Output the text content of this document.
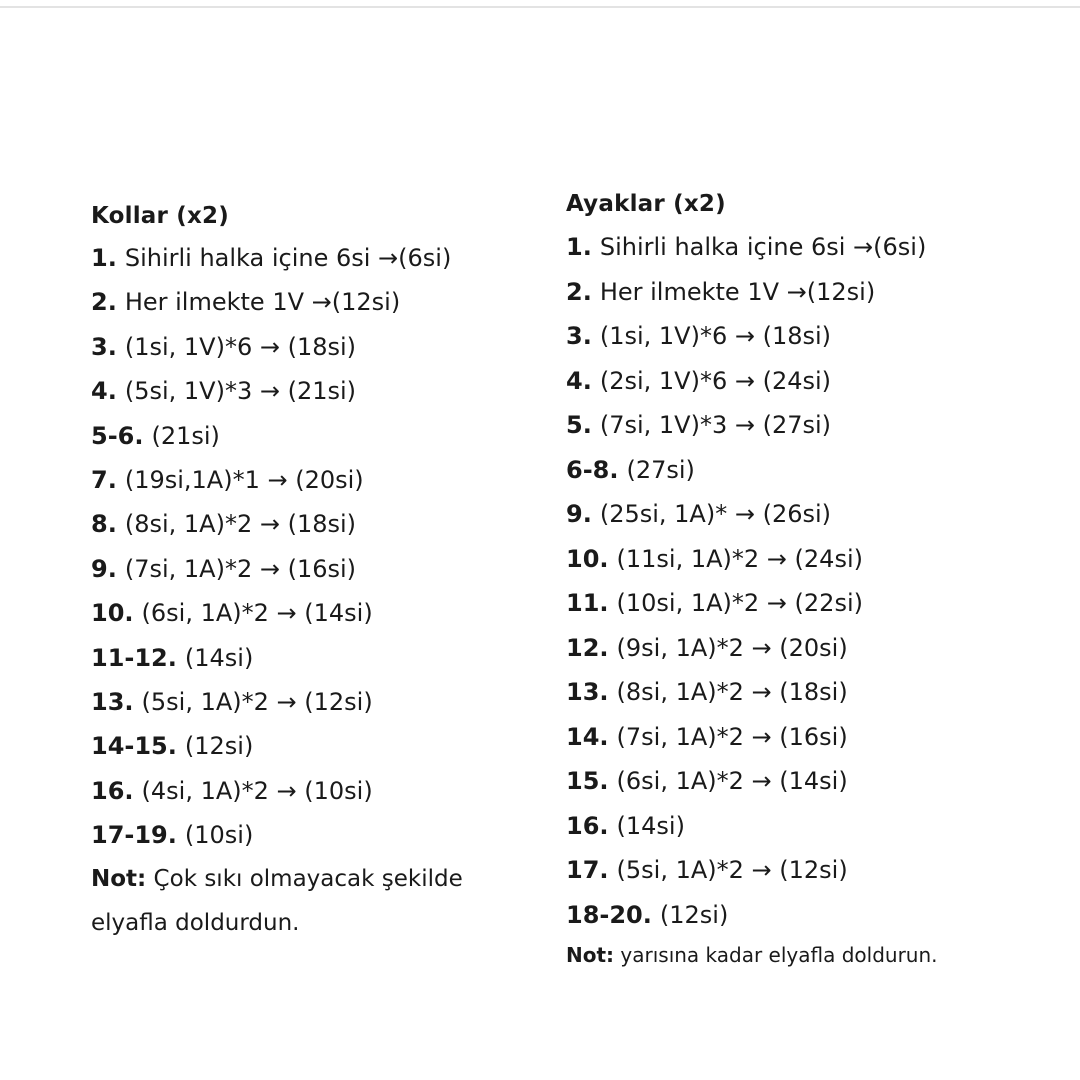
Kollar (x2)
1. Sihirli halka içine 6si →(6si)
2. Her ilmekte 1V →(12si)
3. (1si, 1V)*6 → (18si)
4. (5si, 1V)*3 → (21si)
5-6. (21si)
7. (19si,1A)*1 → (20si)
8. (8si, 1A)*2 → (18si)
9. (7si, 1A)*2 → (16si)
10. (6si, 1A)*2 → (14si)
11-12. (14si)
13. (5si, 1A)*2 → (12si)
14-15. (12si)
16. (4si, 1A)*2 → (10si)
17-19. (10si)

Not: Çok sıkı olmayacak şekilde elyafla doldurdun.

Ayaklar (x2)
1. Sihirli halka içine 6si →(6si)
2. Her ilmekte 1V →(12si)
3. (1si, 1V)*6 → (18si)
4. (2si, 1V)*6 → (24si)
5. (7si, 1V)*3 → (27si)
6-8. (27si)
9. (25si, 1A)* → (26si)
10. (11si, 1A)*2 → (24si)
11. (10si, 1A)*2 → (22si)
12. (9si, 1A)*2 → (20si)
13. (8si, 1A)*2 → (18si)
14. (7si, 1A)*2 → (16si)
15. (6si, 1A)*2 → (14si)
16. (14si)
17. (5si, 1A)*2 → (12si)
18-20. (12si)

Not: yarısına kadar elyafla doldurun.
